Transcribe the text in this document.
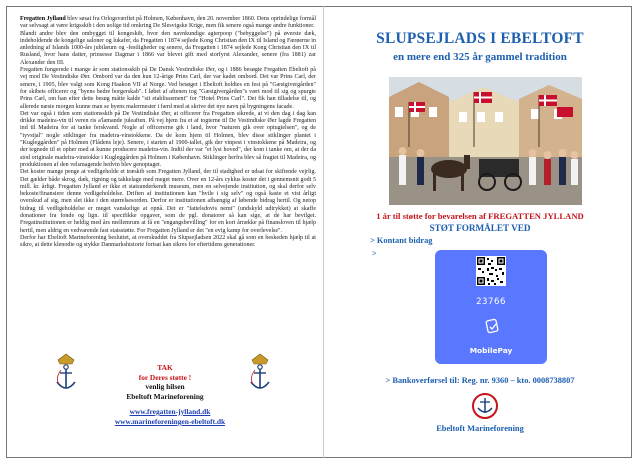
Fregatten Jylland blev søsat fra Orlogsværftet på Holmen, København, den 20. november 1860. Dens oprindelige formål var selvsagt at være krigsskib i den uolige tid omkring De Slesvigske Krige, men fik senere også mange andre funktioner.

Blandt andre blev den ombygget til kongeskib, hvor den navnkundige agterpoop ("bebyggelse") på øverste dæk, indeholdende de kongelige saloner og lukafer, da Fregatten i 1874 sejlede Kong Christian den IX til Island og Færøerne in anledning af Islands 1000-års jubilæum og -festligheder og senere, da Fregatten i 1874 sejlede Kong Christian den IX til Rusland, hvor hans datter, prinsesse Dagmar i 1866 var blevet gift med storfyrst Alexander, senere (fra 1881) zar Alexander den III.

Fregatten fungerede i mange år som stationsskib på De Dansk Vestindiske Øer, og i 1886 besøgte Fregatten Ebeltoft på vej mod De Vestindiske Øer. Ombord var da den kun 12-årige Prins Carl, der var kadet ombord. Det var Prins Carl, der senere, i 1905, blev valgt som Kong Haakon VII af Norge. Ved besøget i Ebeltoft holdtes en fest på "Gæstgivergården" for skibets officerer og "byens bedre borgerskab". I løbet af aftenen tog "Gæstgivergården"s vært mod til sig og spurgte Prins Carl, om han efter dette besøg måtte kalde "sit etablissement" for "Hotel Prins Carl". Det fik han tilladelse til, og allerede næste morgen kunne man se byens malermester i færd med at skrive det nye navn på bygningens facade.

Det var også i tiden som stationsskib på De Vestindiske Øer, at officerer fra Fregatten sikrede, at vi den dag i dag kan drikke madeira-vin til veren ris a'lamande juleaften. På vej hjem fra et af togterne til De Vestindiske Øer lagde Fregatten ind til Madeira for at tanke ferskvand. Nogle af officererne gik i land, hvor "naturen gik over optugtelsen", og de "tyvstjal" nogle stiklinger fra madeira-vinstokkene. Da de kom hjem til Holmen, blev disse stiklinger plantet i "Kugleggården" på Holmen (Flådens leje). Senere, i starten af 1900-tallet, gik der vinpest i vinstokkene på Madeira, og der tegnede til et opher med at kunne producere madeira-vin. Indtil der var "et lyst hoved", der kom i tanke om, at der da stod originale madeira-vinstokke i Kugleggården på Holmen i København. Stiklinger herfra blev så fragtet til Madeira, og produktionen af den velsmagende hedvin blev genoptaget.

Det koster mange penge at vedligeholde et træskib som Fregatten Jylland, der til stadighed er udsat for skiftende vejrlig. Det gælder både skrog, dæk, rigning og takkelage med meget mere. Over en 12-års cyklus koster det i gennemsnit godt 5 mill. kr. årligt. Fregatten Jylland er ikke et statsunderkendt museum, men en selvejende institution, og skal derfor selv bekoste/finansiere denne vedligeholdelse. Driften af institutionen kan "hvile i sig selv" og også kaste et vist årligt overskud af sig, men slet ikke i den størrelsesorden. Derfor er institutionen afhængig af løbende bidrag hertil. Og netop bidrag til vedligeholdelse er meget vanskelige at opnå. Det er "fattelsdovis nemt" (undskyld udtrykket) at skaffe donationer fra fonde og lign. til specifikke opgaver, som de pgl. donatorer så kan sige, at de har bevilget. Fregatinstitutionen er heldig med års mellemrum at få en "engangsbevilling" for en kort årrække på finansloven til hjælp hertil, men aldrig en vedvarende fast statsstøtte. For Fregatten Jylland er det "en evig kamp for overlevelse".

Derfor har Ebeltoft Marineforening besluttet, at overskuddet fra Slupsejladsen 2022 skal gå som en beskeden hjælp til at sikre, at dette klenodie og stykke Danmarkshistorie fortsat kan sikres for eftertidens generationer.

TAK
for Deres støtte !
venlig hilsen
Ebeltoft Marineforening
www.fregatten-jylland.dk
www.marineforeningen-ebeltoft.dk
SLUPSEJLADS I EBELTOFT
en mere end 325 år gammel tradition
1 år til støtte for bevarelsen af FREGATTEN JYLLAND
STØT FORMÅLET VED
> Kontant bidrag
>
23766
MobilePay
> Bankoverførsel til: Reg. nr. 9360 – kto. 0008738807
Ebeltoft Marineforening
